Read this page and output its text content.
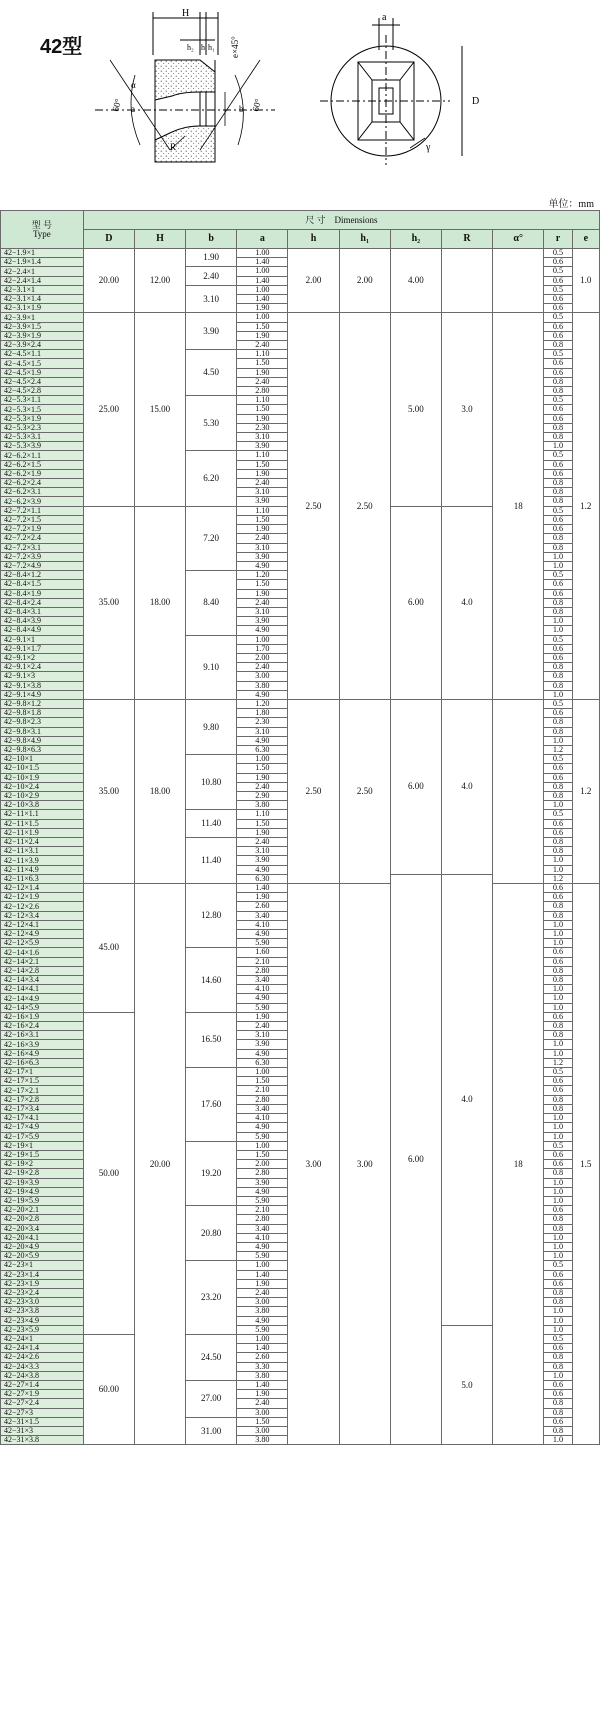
42型
H
h₂ h h₁ e×45°
60°	60°
α
a	b
R
a
D
γ
单位：mm
型 号
Type	尺 寸　Dimensions										
	D	H	b	a	h	h₁	h₂	R	α°	r	e
42−1.9×1	20.00	12.00	1.90	1.00	2.00	2.00	4.00			0.5	1.0
42−1.9×1.4				1.40						0.6	
42−2.4×1			2.40	1.00						0.5	
42−2.4×1.4				1.40						0.6	
42−3.1×1			3.10	1.00						0.5	
42−3.1×1.4				1.40						0.6	
42−3.1×1.9				1.90						0.6	
42−3.9×1	25.00	15.00	3.90	1.00	2.50	2.50	5.00	3.0	18	0.5	1.2
42−3.9×1.5				1.50						0.6	
42−3.9×1.9				1.90						0.6	
42−3.9×2.4				2.40						0.8	
42−4.5×1.1			4.50	1.10						0.5	
42−4.5×1.5				1.50						0.6	
42−4.5×1.9				1.90						0.6	
42−4.5×2.4				2.40						0.8	
42−4.5×2.8				2.80						0.8	
42−5.3×1.1			5.30	1.10						0.5	
42−5.3×1.5				1.50						0.6	
42−5.3×1.9				1.90						0.6	
42−5.3×2.3				2.30						0.8	
42−5.3×3.1				3.10						0.8	
42−5.3×3.9				3.90						1.0	
42−6.2×1.1			6.20	1.10						0.5	
42−6.2×1.5				1.50						0.6	
42−6.2×1.9				1.90						0.6	
42−6.2×2.4				2.40						0.8	
42−6.2×3.1				3.10						0.8	
42−6.2×3.9				3.90						0.8	
42−7.2×1.1	35.00	18.00	7.20	1.10			6.00	4.0		0.5	
42−7.2×1.5				1.50						0.6	
42−7.2×1.9				1.90						0.6	
42−7.2×2.4				2.40						0.8	
42−7.2×3.1				3.10						0.8	
42−7.2×3.9				3.90						1.0	
42−7.2×4.9				4.90						1.0	
42−8.4×1.2			8.40	1.20						0.5	
42−8.4×1.5				1.50						0.6	
42−8.4×1.9				1.90						0.6	
42−8.4×2.4				2.40						0.8	
42−8.4×3.1				3.10						0.8	
42−8.4×3.9				3.90						1.0	
42−8.4×4.9				4.90						1.0	
42−9.1×1			9.10	1.00						0.5	
42−9.1×1.7				1.70						0.6	
42−9.1×2				2.00						0.6	
42−9.1×2.4				2.40						0.8	
42−9.1×3				3.00						0.8	
42−9.1×3.8				3.80						0.8	
42−9.1×4.9				4.90						1.0	
42−9.8×1.2	35.00	18.00	9.80	1.20	2.50	2.50	6.00	4.0		0.5	1.2
42−9.8×1.8				1.80						0.6	
42−9.8×2.3				2.30						0.8	
42−9.8×3.1				3.10						0.8	
42−9.8×4.9				4.90						1.0	
42−9.8×6.3				6.30						1.2	
42−10×1			10.80	1.00						0.5	
42−10×1.5				1.50						0.6	
42−10×1.9				1.90						0.6	
42−10×2.4				2.40						0.8	
42−10×2.9				2.90						0.8	
42−10×3.8				3.80						1.0	
42−11×1.1			11.40	1.10						0.5	
42−11×1.5				1.50						0.6	
42−11×1.9				1.90						0.6	
42−11×2.4			11.40	2.40						0.8	
42−11×3.1				3.10						0.8	
42−11×3.9				3.90						1.0	
42−11×4.9				4.90						1.0	
42−11×6.3				6.30			6.00	4.0		1.2	
42−12×1.4	45.00	20.00	12.80	1.40	3.00	3.00			18	0.6	1.5
42−12×1.9				1.90						0.6	
42−12×2.6				2.60						0.8	
42−12×3.4				3.40						0.8	
42−12×4.1				4.10						1.0	
42−12×4.9				4.90						1.0	
42−12×5.9				5.90						1.0	
42−14×1.6			14.60	1.60						0.6	
42−14×2.1				2.10						0.6	
42−14×2.8				2.80						0.8	
42−14×3.4				3.40						0.8	
42−14×4.1				4.10						1.0	
42−14×4.9				4.90						1.0	
42−14×5.9				5.90						1.0	
42−16×1.9	50.00		16.50	1.90						0.6	
42−16×2.4				2.40						0.8	
42−16×3.1				3.10						0.8	
42−16×3.9				3.90						1.0	
42−16×4.9				4.90						1.0	
42−16×6.3				6.30						1.2	
42−17×1			17.60	1.00						0.5	
42−17×1.5				1.50						0.6	
42−17×2.1				2.10						0.6	
42−17×2.8				2.80						0.8	
42−17×3.4				3.40						0.8	
42−17×4.1				4.10						1.0	
42−17×4.9				4.90						1.0	
42−17×5.9				5.90						1.0	
42−19×1			19.20	1.00						0.5	
42−19×1.5				1.50						0.6	
42−19×2				2.00						0.6	
42−19×2.8				2.80						0.8	
42−19×3.9				3.90						1.0	
42−19×4.9				4.90						1.0	
42−19×5.9				5.90						1.0	
42−20×2.1			20.80	2.10						0.6	
42−20×2.8				2.80						0.8	
42−20×3.4				3.40						0.8	
42−20×4.1				4.10						1.0	
42−20×4.9				4.90						1.0	
42−20×5.9				5.90						1.0	
42−23×1			23.20	1.00						0.5	
42−23×1.4				1.40						0.6	
42−23×1.9				1.90						0.6	
42−23×2.4				2.40						0.8	
42−23×3.0				3.00						0.8	
42−23×3.8				3.80						1.0	
42−23×4.9				4.90						1.0	
42−23×5.9				5.90				5.0		1.0	
42−24×1	60.00		24.50	1.00						0.5	
42−24×1.4				1.40						0.6	
42−24×2.6				2.60						0.8	
42−24×3.3				3.30						0.8	
42−24×3.8				3.80						1.0	
42−27×1.4			27.00	1.40						0.6	
42−27×1.9				1.90						0.6	
42−27×2.4				2.40						0.8	
42−27×3				3.00						0.8	
42−31×1.5			31.00	1.50						0.6	
42−31×3				3.00						0.8	
42−31×3.8				3.80						1.0	
